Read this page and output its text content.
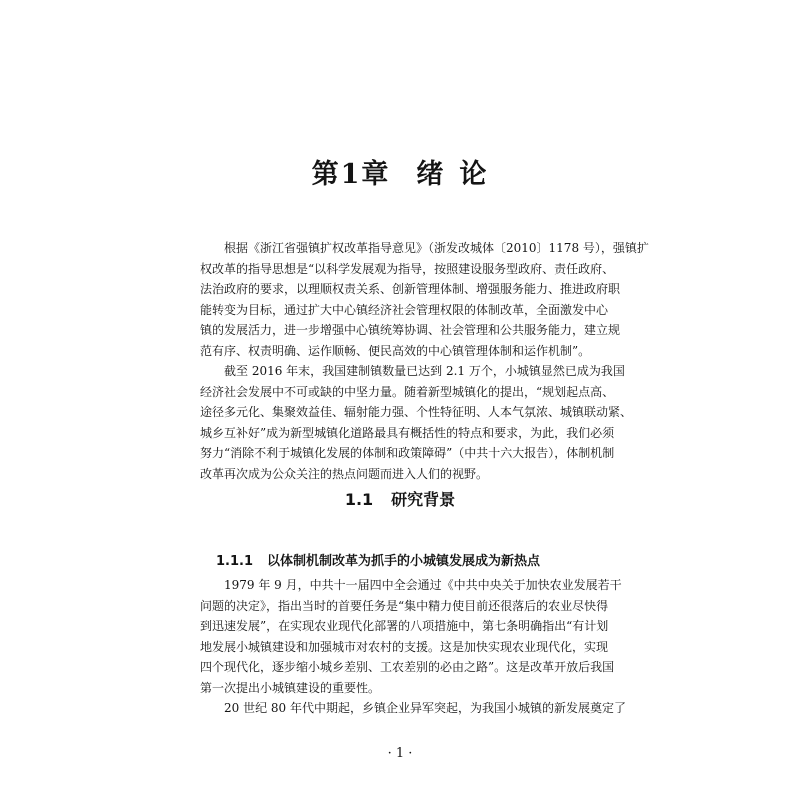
第1章 绪 论

根据《浙江省强镇扩权改革指导意见》（浙发改城体〔2010〕1178 号），强镇扩
权改革的指导思想是“以科学发展观为指导，按照建设服务型政府、责任政府、
法治政府的要求，以理顺权责关系、创新管理体制、增强服务能力、推进政府职
能转变为目标，通过扩大中心镇经济社会管理权限的体制改革，全面激发中心
镇的发展活力，进一步增强中心镇统筹协调、社会管理和公共服务能力，建立规
范有序、权责明确、运作顺畅、便民高效的中心镇管理体制和运作机制”。

截至 2016 年末，我国建制镇数量已达到 2.1 万个，小城镇显然已成为我国
经济社会发展中不可或缺的中坚力量。随着新型城镇化的提出，“规划起点高、
途径多元化、集聚效益佳、辐射能力强、个性特征明、人本气氛浓、城镇联动紧、
城乡互补好”成为新型城镇化道路最具有概括性的特点和要求，为此，我们必须
努力“消除不利于城镇化发展的体制和政策障碍”（中共十六大报告），体制机制
改革再次成为公众关注的热点问题而进入人们的视野。

1.1 研究背景
1.1.1 以体制机制改革为抓手的小城镇发展成为新热点

1979 年 9 月，中共十一届四中全会通过《中共中央关于加快农业发展若干
问题的决定》，指出当时的首要任务是“集中精力使目前还很落后的农业尽快得
到迅速发展”，在实现农业现代化部署的八项措施中，第七条明确指出“有计划
地发展小城镇建设和加强城市对农村的支援。这是加快实现农业现代化，实现
四个现代化，逐步缩小城乡差别、工农差别的必由之路”。这是改革开放后我国
第一次提出小城镇建设的重要性。

20 世纪 80 年代中期起，乡镇企业异军突起，为我国小城镇的新发展奠定了

· 1 ·
